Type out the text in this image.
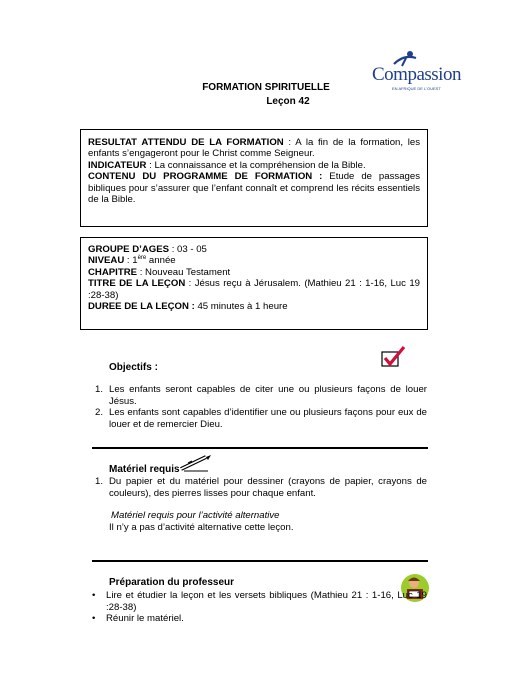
FORMATION SPIRITUELLE
Leçon 42
Compassion
EN AFRIQUE DE L'OUEST
RESULTAT ATTENDU DE LA FORMATION : A la fin de la formation, les enfants s’engageront pour le Christ comme Seigneur.
INDICATEUR : La connaissance et la compréhension de la Bible.
CONTENU DU PROGRAMME DE FORMATION : Etude de passages bibliques pour s’assurer que l’enfant connaît et comprend les récits essentiels de la Bible.
GROUPE D’AGES : 03 - 05
NIVEAU : 1ère année
CHAPITRE : Nouveau Testament
TITRE DE LA LEÇON : Jésus reçu à Jérusalem. (Mathieu 21 : 1-16, Luc 19 :28-38)
DUREE DE LA LEÇON : 45 minutes à 1 heure
Objectifs :
1. Les enfants seront capables de citer une ou plusieurs façons de louer Jésus.
2. Les enfants sont capables d’identifier une ou plusieurs façons pour eux de louer et de remercier Dieu.
Matériel requis
1. Du papier et du matériel pour dessiner (crayons de papier, crayons de couleurs), des pierres lisses pour chaque enfant.
Matériel requis pour l’activité alternative
Il n’y a pas d’activité alternative cette leçon.
Préparation du professeur
• Lire et étudier la leçon et les versets bibliques (Mathieu 21 : 1-16, Luc 19 :28-38)
• Réunir le matériel.
